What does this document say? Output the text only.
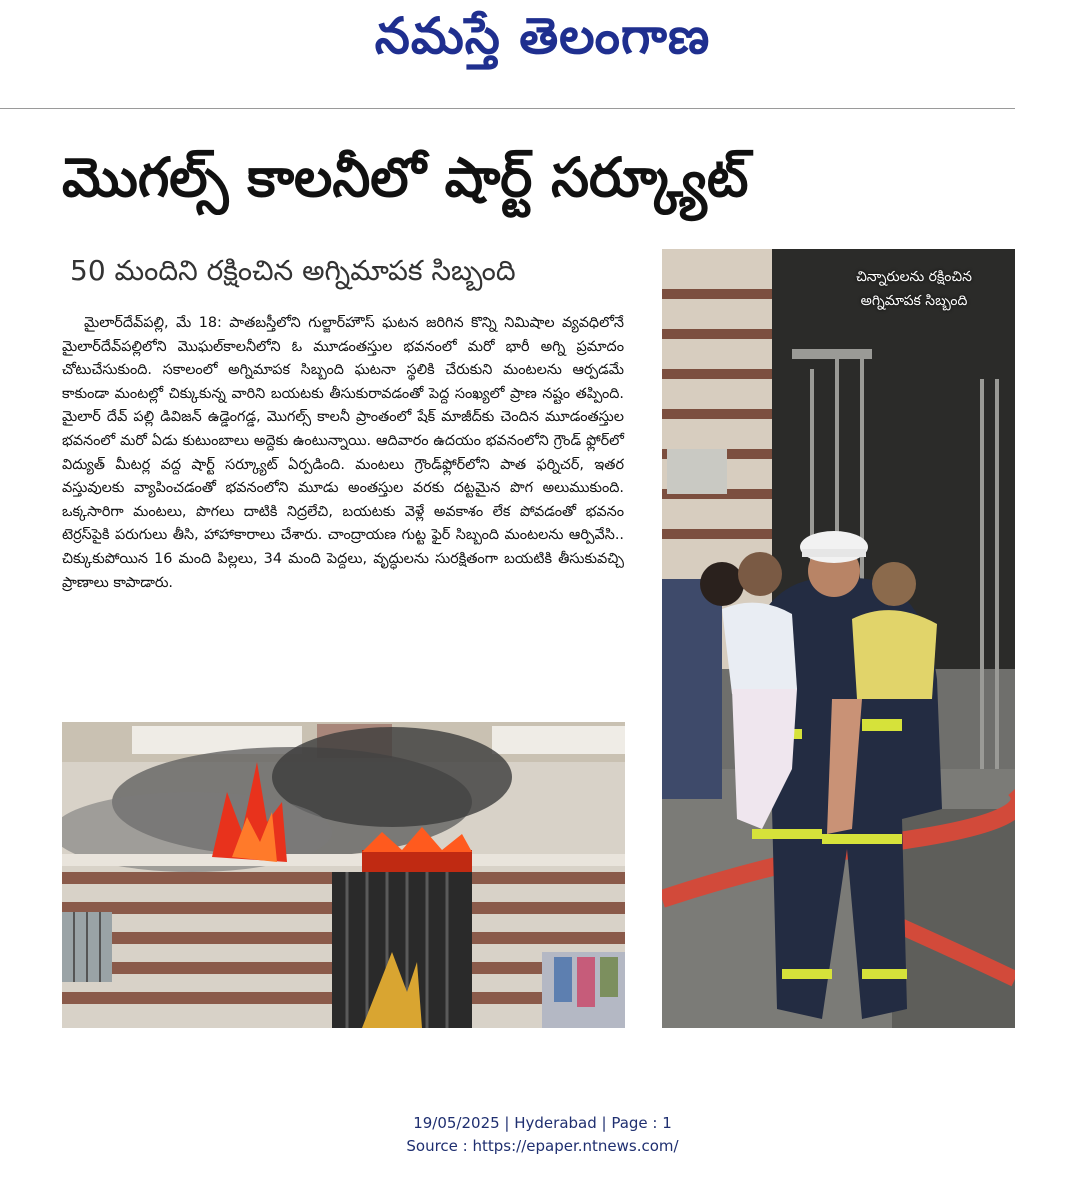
నమస్తే తెలంగాణ
మొగల్స్‌ కాలనీలో షార్ట్‌ సర్క్యూట్‌
50 మందిని రక్షించిన అగ్నిమాపక సిబ్బంది

మైలార్‌దేవ్‌పల్లి, మే 18: పాతబస్తీలోని గుల్జార్‌హౌస్‌ ఘటన జరిగిన కొన్ని నిమిషాల వ్యవధిలోనే మైలార్‌దేవ్‌పల్లిలోని మొఘల్‌కాలనీలోని ఓ మూడంతస్తుల భవనంలో మరో భారీ అగ్ని ప్రమాదం చోటుచేసుకుంది. సకాలంలో అగ్నిమాపక సిబ్బంది ఘటనా స్థలికి చేరుకుని మంటలను ఆర్పడమే కాకుండా మంటల్లో చిక్కుకున్న వారిని బయటకు తీసుకురావడంతో పెద్ద సంఖ్యలో ప్రాణ నష్టం తప్పింది. మైలార్‌ దేవ్‌ పల్లి డివిజన్‌ ఉడ్డెంగడ్డ, మొగల్స్‌ కాలనీ ప్రాంతంలో షేక్‌ మాజీద్‌కు చెందిన మూడంతస్తుల భవనంలో మరో ఏడు కుటుంబాలు అద్దెకు ఉంటున్నాయి. ఆదివారం ఉదయం భవనంలోని గ్రౌండ్‌ ఫ్లోర్‌లో విద్యుత్‌ మీటర్ల వద్ద షార్ట్‌ సర్క్యూట్‌ ఏర్పడింది. మంటలు గ్రౌండ్‌ఫ్లోర్‌లోని పాత ఫర్నిచర్‌, ఇతర వస్తువులకు వ్యాపించడంతో భవనంలోని మూడు అంతస్తుల వరకు దట్టమైన పొగ అలుముకుంది. ఒక్కసారిగా మంటలు, పొగలు దాటికి నిద్రలేచి, బయటకు వెళ్లే అవకాశం లేక పోవడంతో భవనం టెర్రస్‌పైకి పరుగులు తీసి, హాహాకారాలు చేశారు. చాంద్రాయణ గుట్ట ఫైర్‌ సిబ్బంది మంటలను ఆర్పివేసి.. చిక్కుకుపోయిన 16 మంది పిల్లలు, 34 మంది పెద్దలు, వృద్ధులను సురక్షితంగా బయటికి తీసుకువచ్చి ప్రాణాలు కాపాడారు.

చిన్నారులను రక్షించిన అగ్నిమాపక సిబ్బంది
19/05/2025 | Hyderabad | Page : 1
Source : https://epaper.ntnews.com/
